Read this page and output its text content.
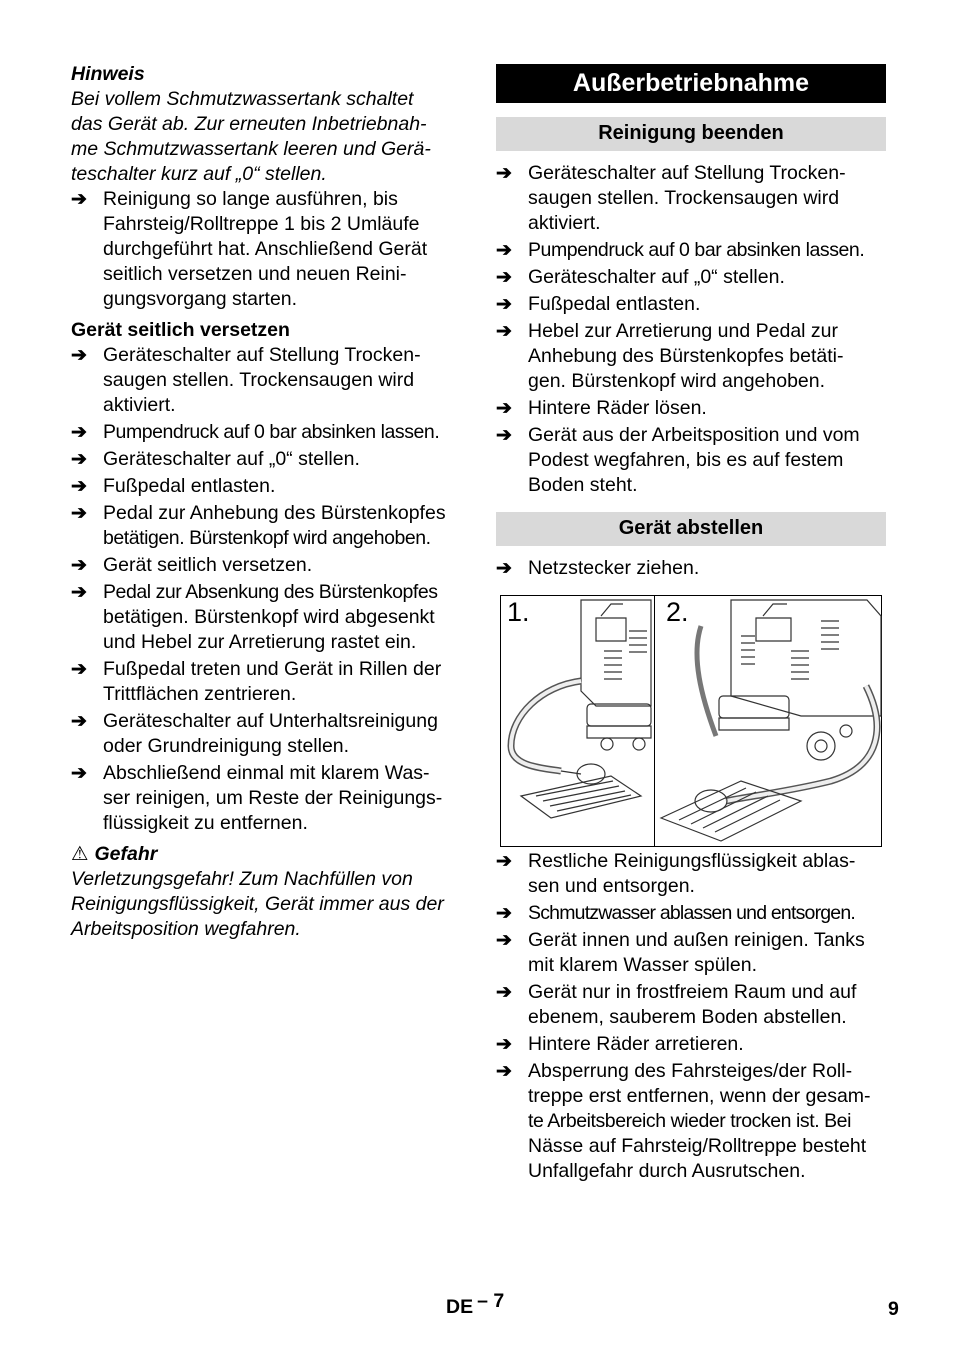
Hinweis
Bei vollem Schmutzwassertank schaltet
das Gerät ab. Zur erneuten Inbetriebnah-
me Schmutzwassertank leeren und Gerä-
teschalter kurz auf „0“ stellen.
➔ Reinigung so lange ausführen, bis
Fahrsteig/Rolltreppe 1 bis 2 Umläufe
durchgeführt hat. Anschließend Gerät
seitlich versetzen und neuen Reini-
gungsvorgang starten.
Gerät seitlich versetzen
➔ Geräteschalter auf Stellung Trocken-
saugen stellen. Trockensaugen wird
aktiviert.
➔ Pumpendruck auf 0 bar absinken lassen.
➔ Geräteschalter auf „0“ stellen.
➔ Fußpedal entlasten.
➔ Pedal zur Anhebung des Bürstenkopfes
betätigen. Bürstenkopf wird angehoben.
➔ Gerät seitlich versetzen.
➔ Pedal zur Absenkung des Bürstenkopfes
betätigen. Bürstenkopf wird abgesenkt
und Hebel zur Arretierung rastet ein.
➔ Fußpedal treten und Gerät in Rillen der
Trittflächen zentrieren.
➔ Geräteschalter auf Unterhaltsreinigung
oder Grundreinigung stellen.
➔ Abschließend einmal mit klarem Was-
ser reinigen, um Reste der Reinigungs-
flüssigkeit zu entfernen.
⚠ Gefahr
Verletzungsgefahr! Zum Nachfüllen von
Reinigungsflüssigkeit, Gerät immer aus der
Arbeitsposition wegfahren.
Außerbetriebnahme
Reinigung beenden
➔ Geräteschalter auf Stellung Trocken-
saugen stellen. Trockensaugen wird
aktiviert.
➔ Pumpendruck auf 0 bar absinken lassen.
➔ Geräteschalter auf „0“ stellen.
➔ Fußpedal entlasten.
➔ Hebel zur Arretierung und Pedal zur
Anhebung des Bürstenkopfes betäti-
gen. Bürstenkopf wird angehoben.
➔ Hintere Räder lösen.
➔ Gerät aus der Arbeitsposition und vom
Podest wegfahren, bis es auf festem
Boden steht.
Gerät abstellen
➔ Netzstecker ziehen.
1.	2.
➔ Restliche Reinigungsflüssigkeit ablas-
sen und entsorgen.
➔ Schmutzwasser ablassen und entsorgen.
➔ Gerät innen und außen reinigen. Tanks
mit klarem Wasser spülen.
➔ Gerät nur in frostfreiem Raum und auf
ebenem, sauberem Boden abstellen.
➔ Hintere Räder arretieren.
➔ Absperrung des Fahrsteiges/der Roll-
treppe erst entfernen, wenn der gesam-
te Arbeitsbereich wieder trocken ist. Bei
Nässe auf Fahrsteig/Rolltreppe besteht
Unfallgefahr durch Ausrutschen.
DE – 7	9
